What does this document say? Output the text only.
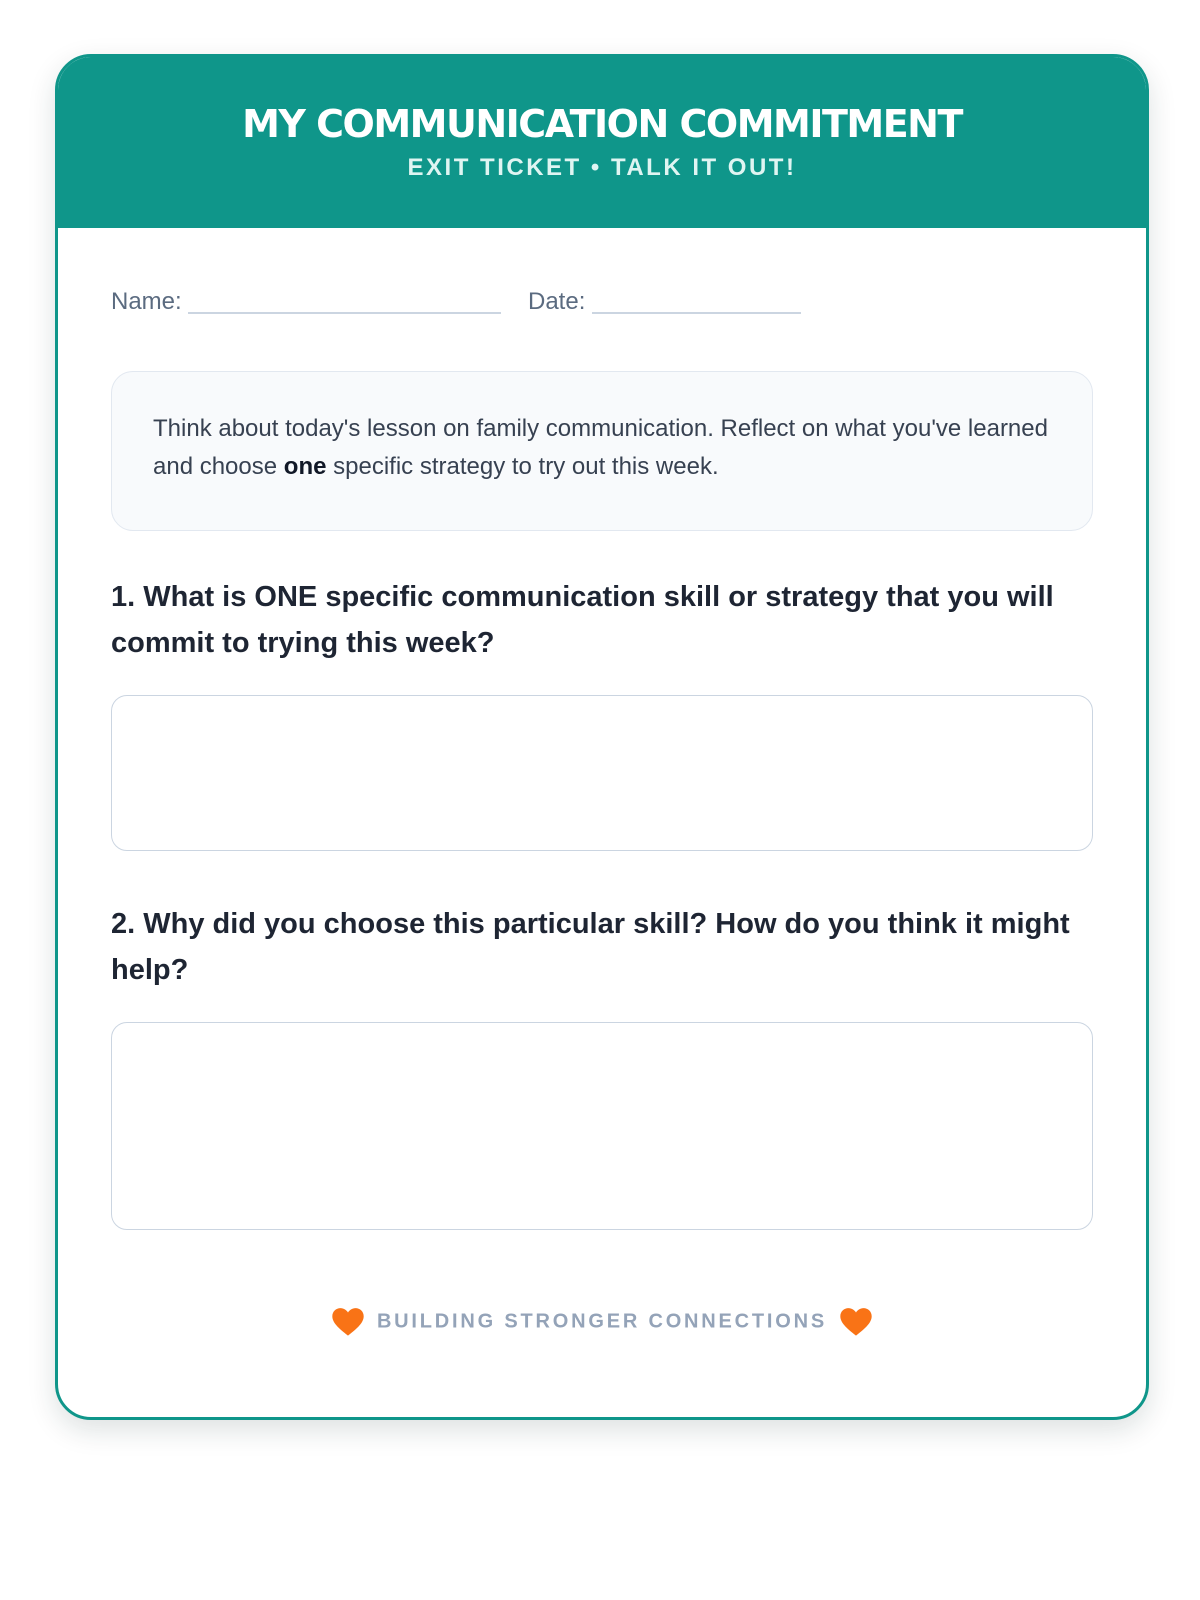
MY COMMUNICATION COMMITMENT
EXIT TICKET • TALK IT OUT!
Name:	Date:
Think about today's lesson on family communication. Reflect on what you've learned and choose one specific strategy to try out this week.

1. What is ONE specific communication skill or strategy that you will commit to trying this week?

2. Why did you choose this particular skill? How do you think it might help?

BUILDING STRONGER CONNECTIONS
